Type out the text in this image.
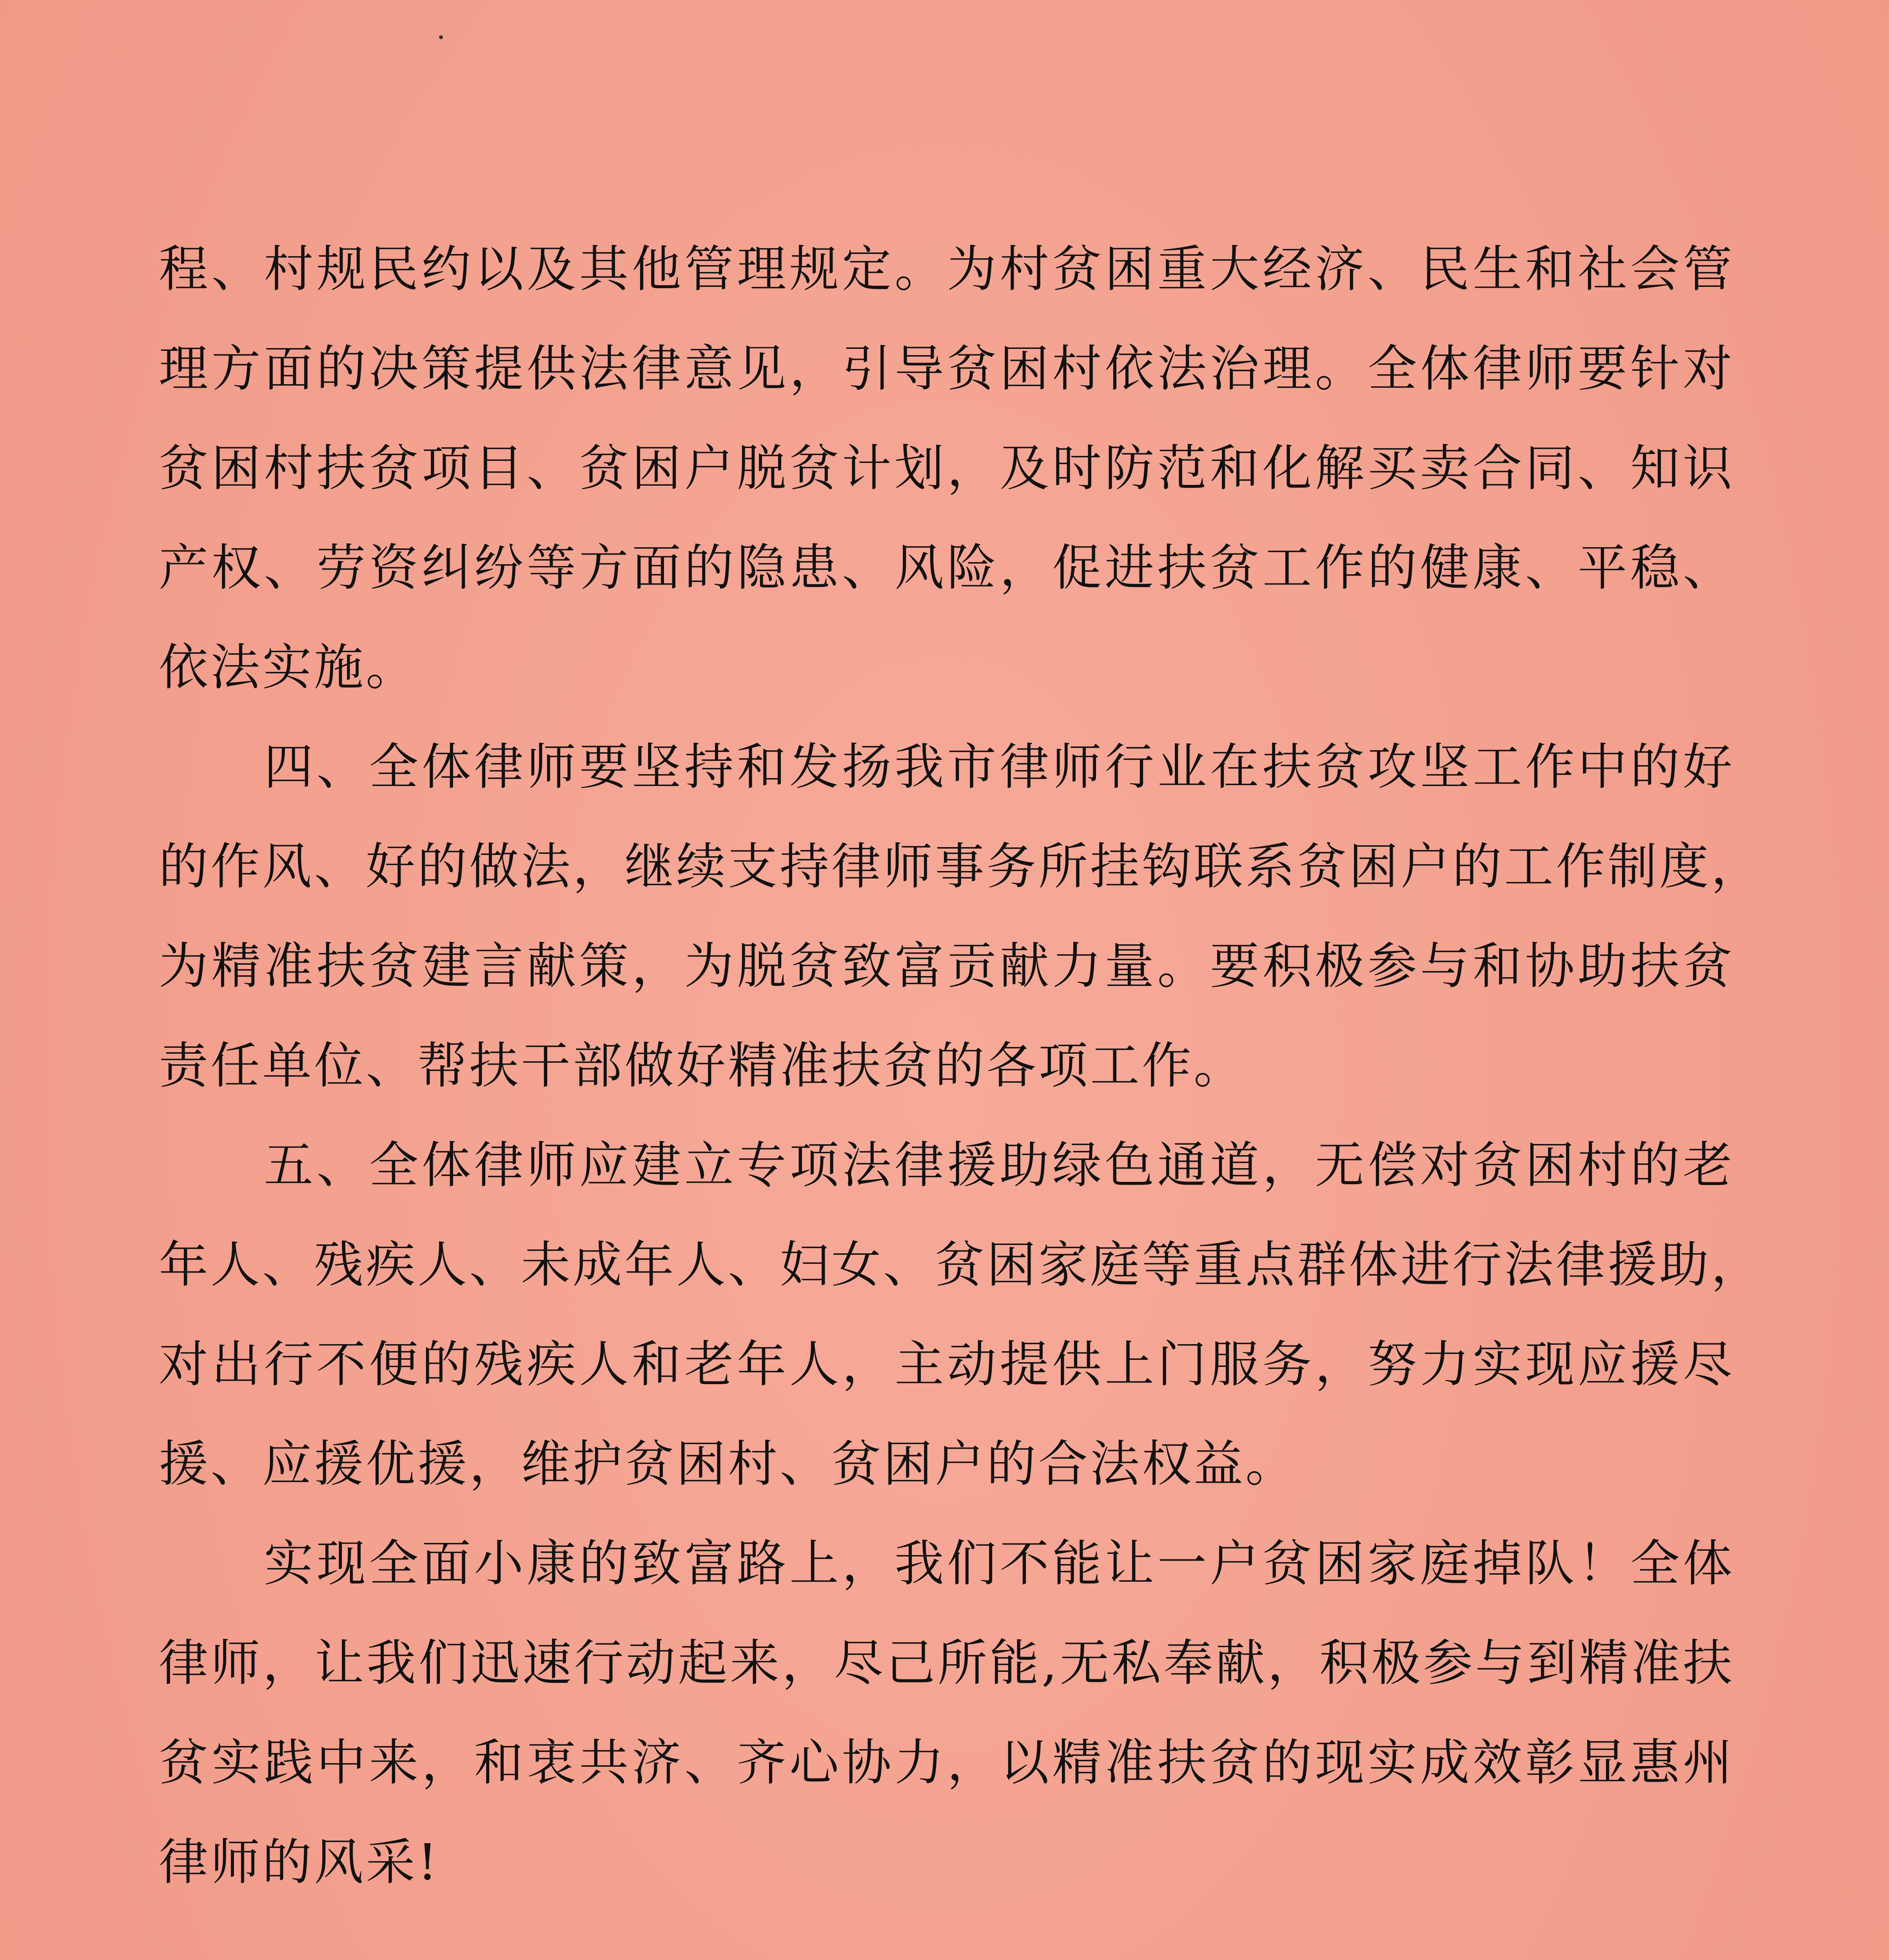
程、村规民约以及其他管理规定。为村贫困重大经济、民生和社会管
理方面的决策提供法律意见，引导贫困村依法治理。全体律师要针对
贫困村扶贫项目、贫困户脱贫计划，及时防范和化解买卖合同、知识
产权、劳资纠纷等方面的隐患、风险，促进扶贫工作的健康、平稳、
依法实施。
　　四、全体律师要坚持和发扬我市律师行业在扶贫攻坚工作中的好
的作风、好的做法，继续支持律师事务所挂钩联系贫困户的工作制度，
为精准扶贫建言献策，为脱贫致富贡献力量。要积极参与和协助扶贫
责任单位、帮扶干部做好精准扶贫的各项工作。
　　五、全体律师应建立专项法律援助绿色通道，无偿对贫困村的老
年人、残疾人、未成年人、妇女、贫困家庭等重点群体进行法律援助，
对出行不便的残疾人和老年人，主动提供上门服务，努力实现应援尽
援、应援优援，维护贫困村、贫困户的合法权益。
　　实现全面小康的致富路上，我们不能让一户贫困家庭掉队！全体
律师，让我们迅速行动起来，尽己所能,无私奉献，积极参与到精准扶
贫实践中来，和衷共济、齐心协力，以精准扶贫的现实成效彰显惠州
律师的风采!
